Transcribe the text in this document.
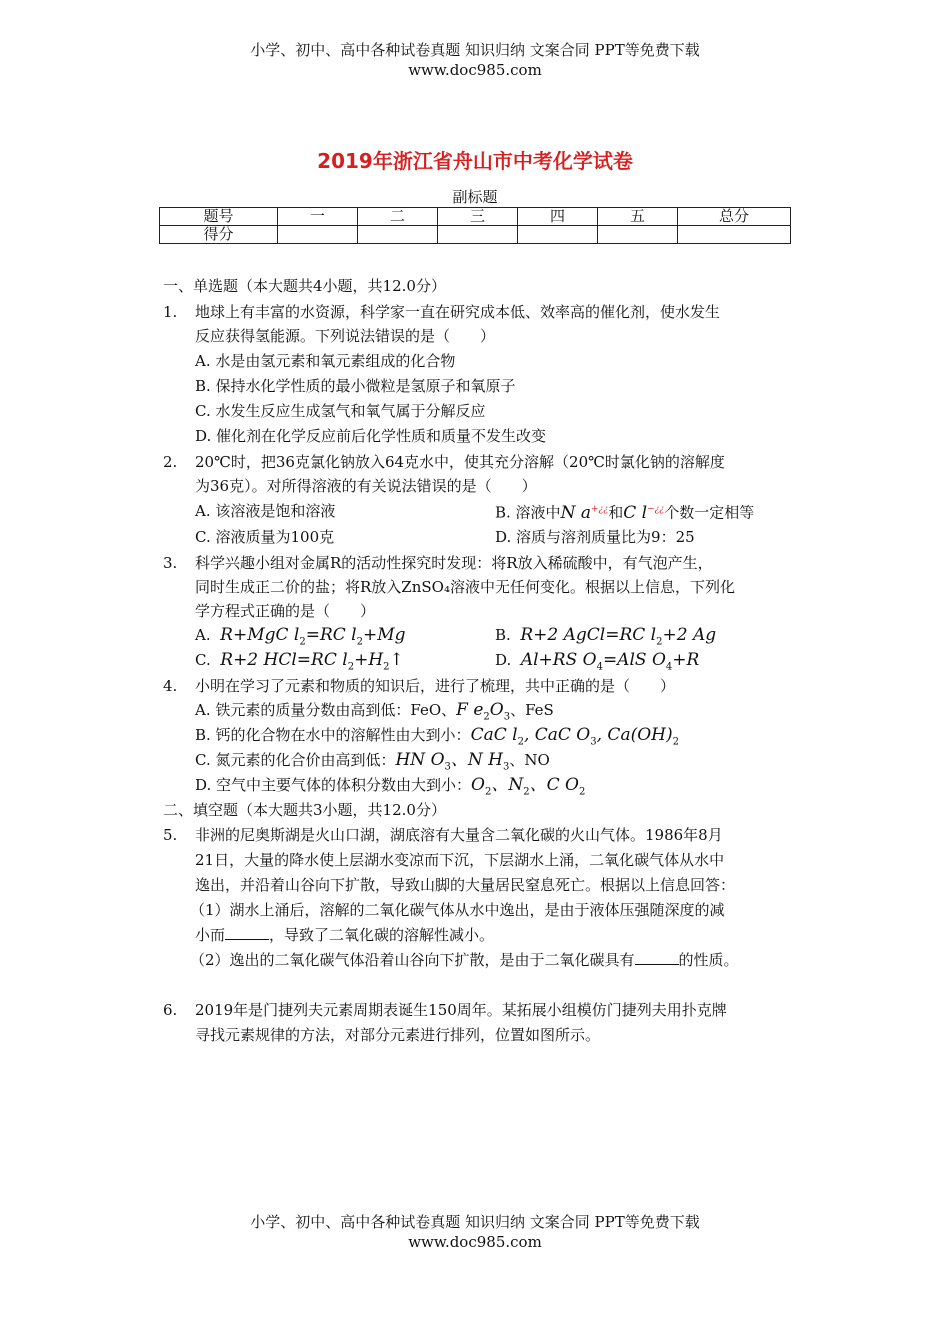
小学、初中、高中各种试卷真题 知识归纳 文案合同 PPT等免费下载
www.doc985.com
2019年浙江省舟山市中考化学试卷
副标题
题号	一	二	三	四	五	总分
得分						
一、单选题（本大题共4小题，共12.0分）
1. 地球上有丰富的水资源，科学家一直在研究成本低、效率高的催化剂，使水发生
反应获得氢能源。下列说法错误的是（　　）
A. 水是由氢元素和氧元素组成的化合物
B. 保持水化学性质的最小微粒是氢原子和氧原子
C. 水发生反应生成氢气和氧气属于分解反应
D. 催化剂在化学反应前后化学性质和质量不发生改变
2. 20℃时，把36克氯化钠放入64克水中，使其充分溶解（20℃时氯化钠的溶解度
为36克）。对所得溶液的有关说法错误的是（　　）
A. 该溶液是饱和溶液	B. 溶液中N a+¿¿和C l−¿¿个数一定相等
C. 溶液质量为100克	D. 溶质与溶剂质量比为9：25
3. 科学兴趣小组对金属R的活动性探究时发现：将R放入稀硫酸中，有气泡产生，
同时生成正二价的盐；将R放入ZnSO₄溶液中无任何变化。根据以上信息，下列化
学方程式正确的是（　　）
A. R+MgC $l_2=RC$ $l_2+Mg$	B. R+2 AgCl=RC $l_2+2$ Ag
C. R+2 HCl=RC $l_2+H_2↑$	D. Al+RS $O_4=AlS$ $O_4+R$
4. 小明在学习了元素和物质的知识后，进行了梳理，共中正确的是（　　）
A. 铁元素的质量分数由高到低：FeO、F $e_2O_3$、FeS
B. 钙的化合物在水中的溶解性由大到小：CaC $l_2$, CaC $O_3$, $Ca(OH)_2$
C. 氮元素的化合价由高到低：HN $O_3$、N $H_3$、NO
D. 空气中主要气体的体积分数由大到小：$O_2$、$N_2$、C $O_2$
二、填空题（本大题共3小题，共12.0分）
5. 非洲的尼奥斯湖是火山口湖，湖底溶有大量含二氧化碳的火山气体。1986年8月
21日，大量的降水使上层湖水变凉而下沉，下层湖水上涌，二氧化碳气体从水中
逸出，并沿着山谷向下扩散，导致山脚的大量居民窒息死亡。根据以上信息回答：
（1）湖水上涌后，溶解的二氧化碳气体从水中逸出，是由于液体压强随深度的减
小而	，导致了二氧化碳的溶解性减小。
（2）逸出的二氧化碳气体沿着山谷向下扩散，是由于二氧化碳具有	的性质。
6. 2019年是门捷列夫元素周期表诞生150周年。某拓展小组模仿门捷列夫用扑克牌
寻找元素规律的方法，对部分元素进行排列，位置如图所示。
小学、初中、高中各种试卷真题 知识归纳 文案合同 PPT等免费下载
www.doc985.com
